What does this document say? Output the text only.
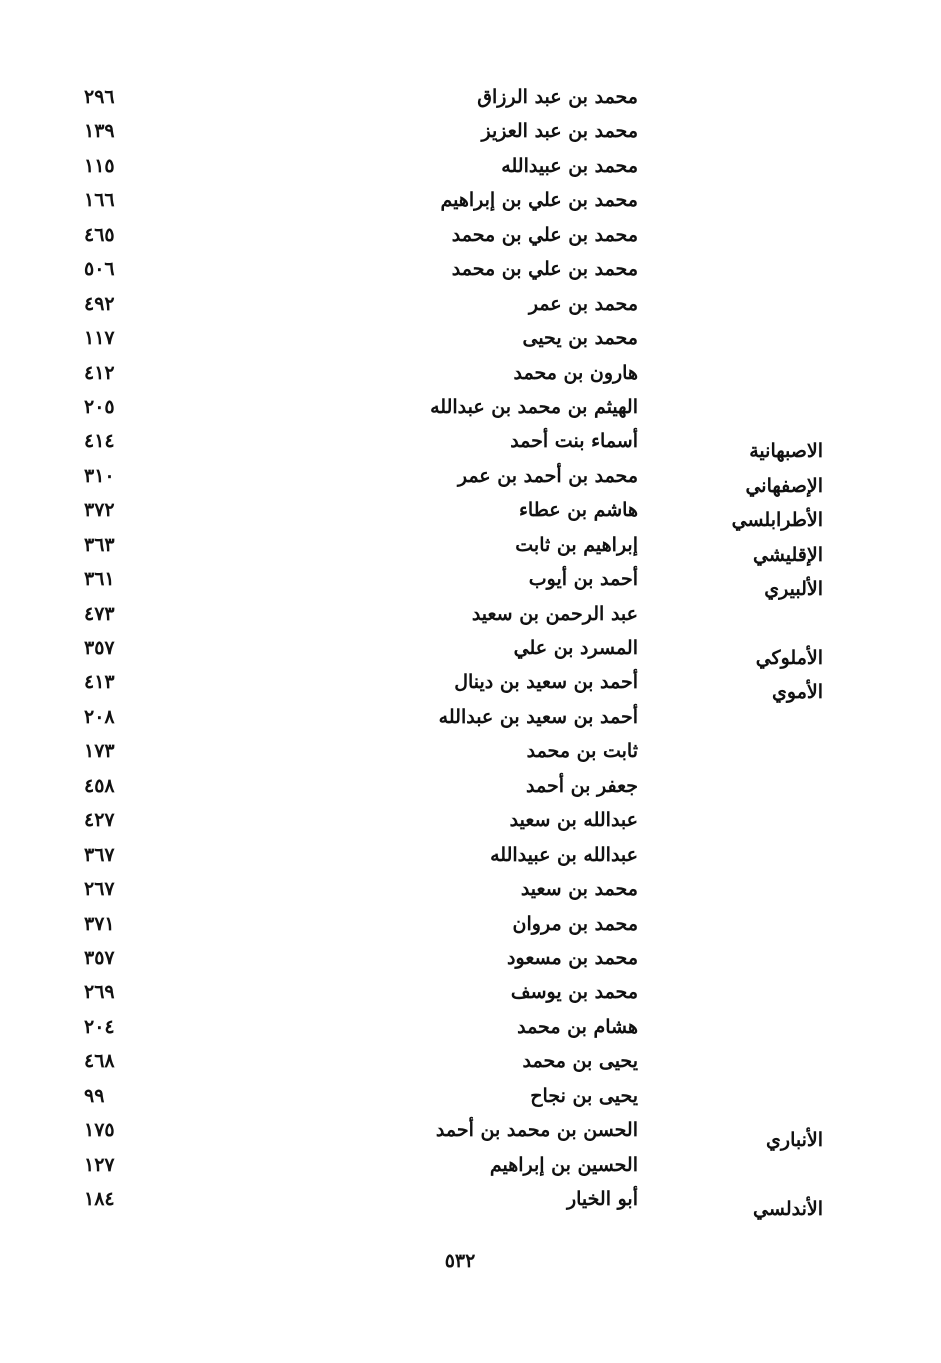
محمد بن عبد الرزاق
٢٩٦
محمد بن عبد العزيز
١٣٩
محمد بن عبيدالله
١١٥
محمد بن علي بن إبراهيم
١٦٦
محمد بن علي بن محمد
٤٦٥
محمد بن علي بن محمد
٥٠٦
محمد بن عمر
٤٩٢
محمد بن يحيى
١١٧
هارون بن محمد
٤١٢
الهيثم بن محمد بن عبدالله
٢٠٥
الاصبهانية
أسماء بنت أحمد
٤١٤
الإصفهاني
محمد بن أحمد بن عمر
٣١٠
الأطرابلسي
هاشم بن عطاء
٣٧٢
الإقليشي
إبراهيم بن ثابت
٣٦٣
الألبيري
أحمد بن أيوب
٣٦١
عبد الرحمن بن سعيد
٤٧٣
الأملوكي
المسرد بن علي
٣٥٧
الأموي
أحمد بن سعيد بن دينال
٤١٣
أحمد بن سعيد بن عبدالله
٢٠٨
ثابت بن محمد
١٧٣
جعفر بن أحمد
٤٥٨
عبدالله بن سعيد
٤٢٧
عبدالله بن عبيدالله
٣٦٧
محمد بن سعيد
٢٦٧
محمد بن مروان
٣٧١
محمد بن مسعود
٣٥٧
محمد بن يوسف
٢٦٩
هشام بن محمد
٢٠٤
يحيى بن محمد
٤٦٨
يحيى بن نجاح
٩٩
الأنباري
الحسن بن محمد بن أحمد
١٧٥
الحسين بن إبراهيم
١٢٧
الأندلسي
أبو الخيار
١٨٤
٥٣٢
